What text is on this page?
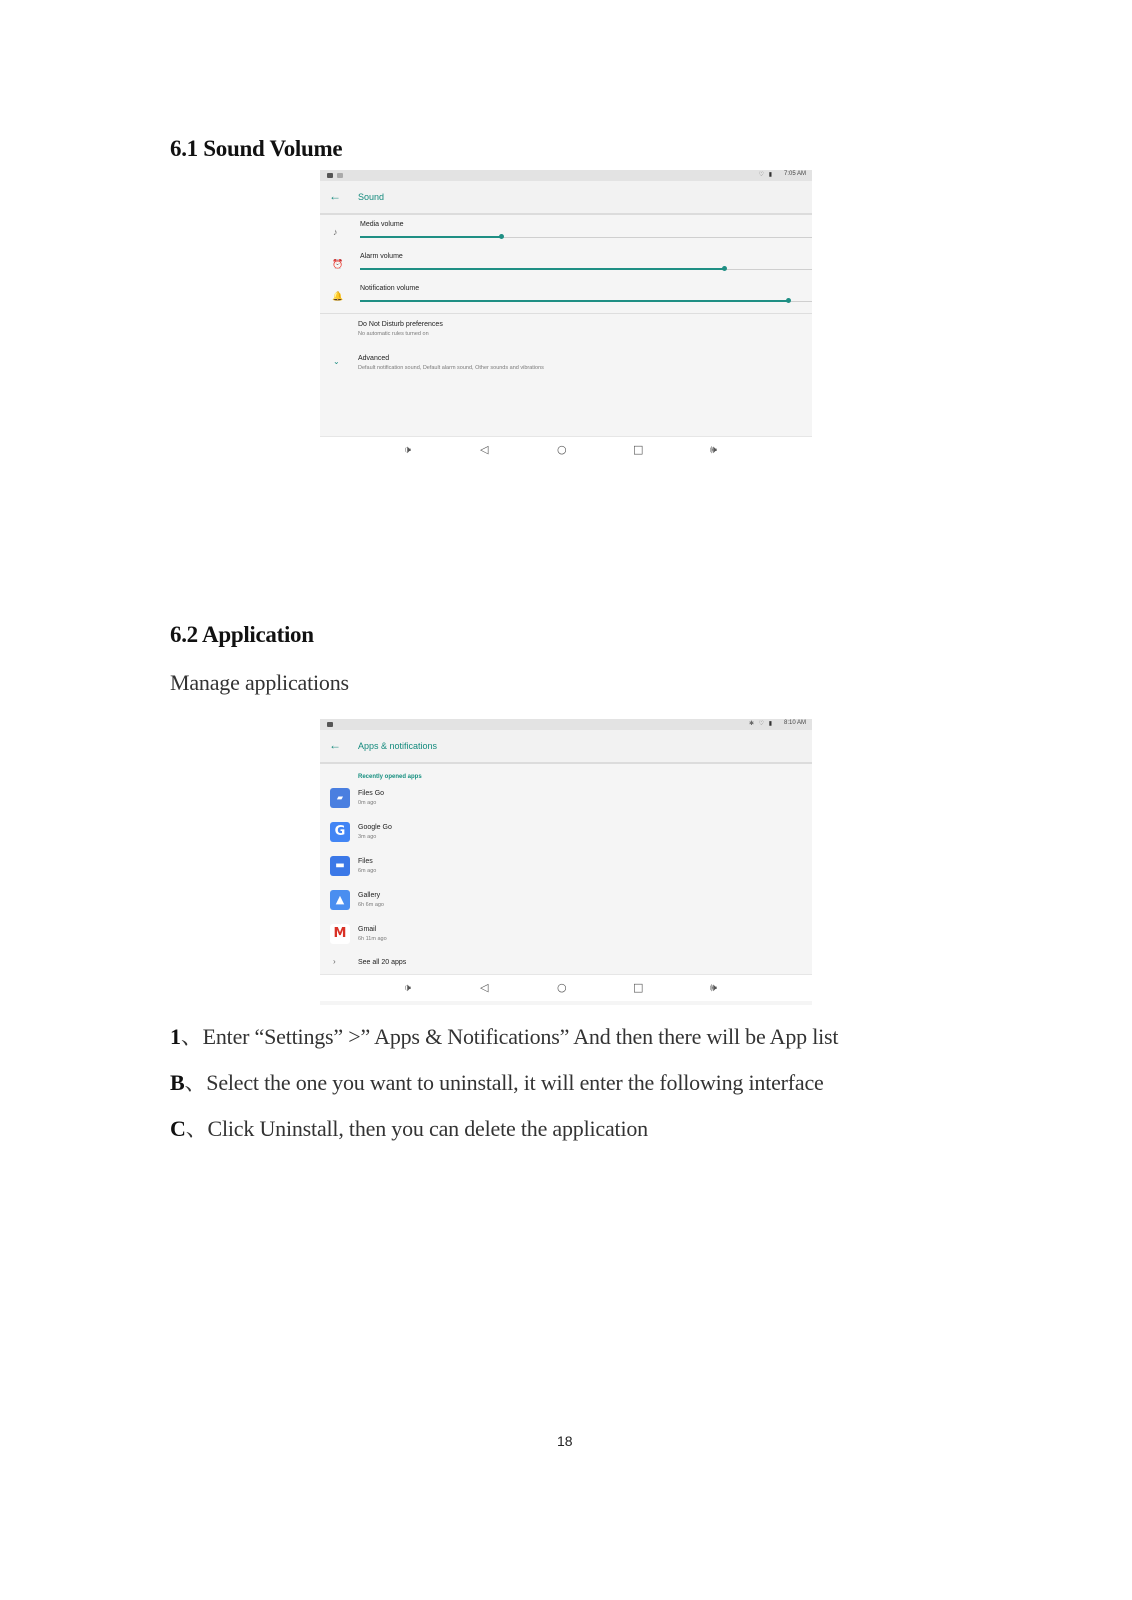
6.1 Sound Volume
♡ ▮ 7:05 AM
← Sound
♪
Media volume
⏰
Alarm volume
🔔
Notification volume
Do Not Disturb preferences
No automatic rules turned on
⌄	Advanced
Default notification sound, Default alarm sound, Other sounds and vibrations
🕩	◁	○	□	🕪
6.2 Application
Manage applications
✱ ♡ ▮ 8:10 AM
← Apps & notifications
Recently opened apps
▰	Files Go
0m ago
G	Google Go
3m ago
▬	Files
6m ago
▲	Gallery
6h 6m ago
M	Gmail
6h 11m ago
›	See all 20 apps
🕩	◁	○	□	🕪
1、Enter “Settings” >” Apps & Notifications” And then there will be App list
B、Select the one you want to uninstall, it will enter the following interface
C、Click Uninstall, then you can delete the application
18
